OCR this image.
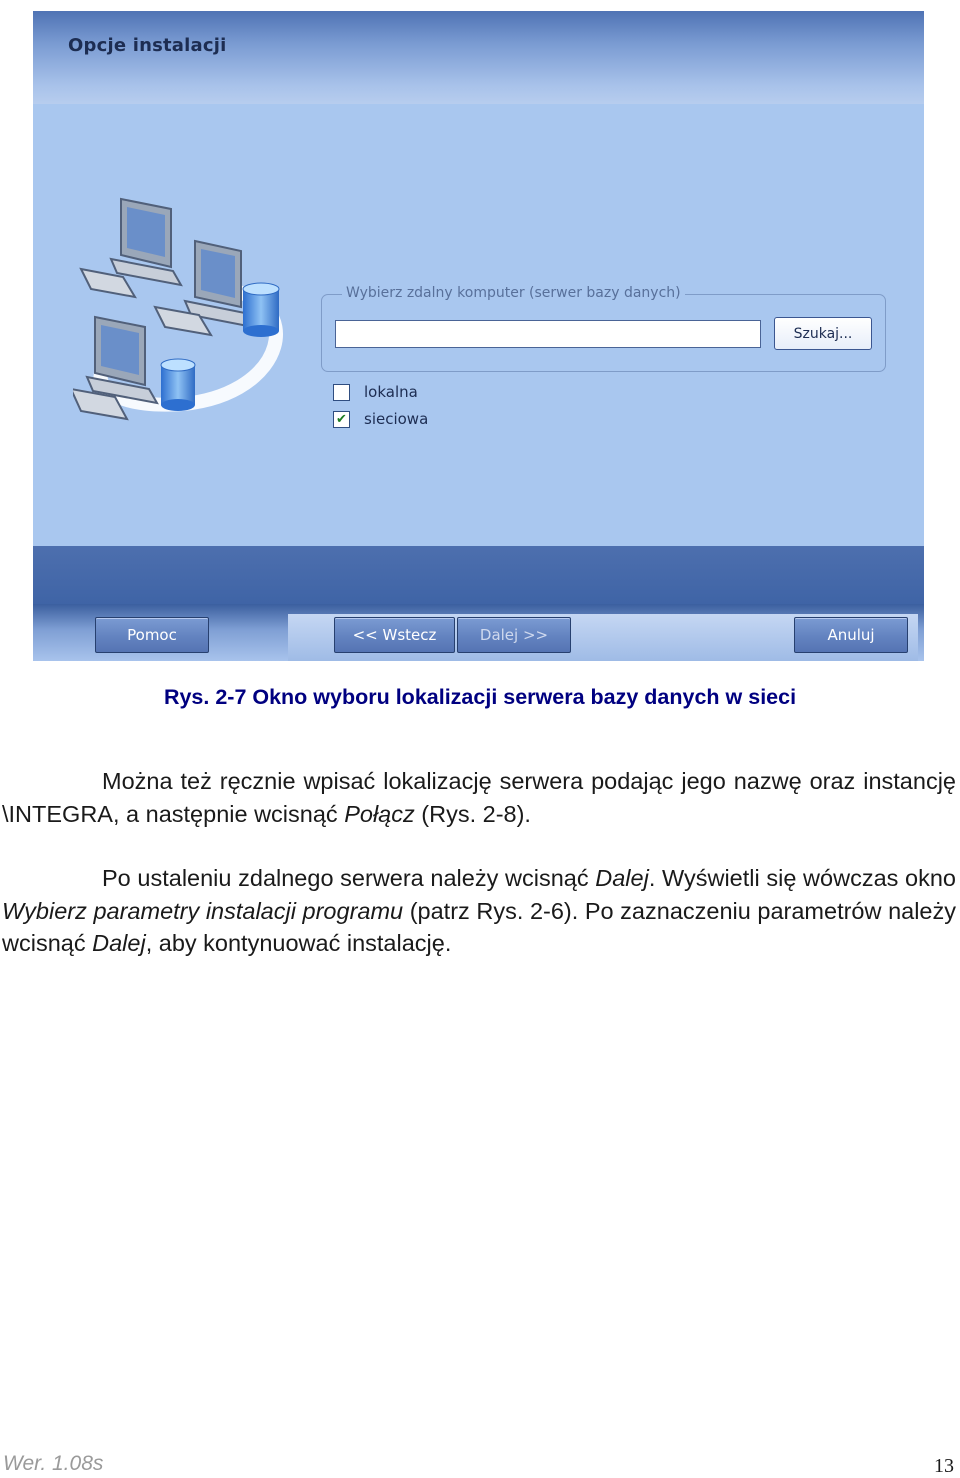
Opcje instalacji
Wybierz zdalny komputer (serwer bazy danych)
Szukaj...
lokalna
✔ sieciowa
Pomoc	<< Wstecz	Dalej >>	Anuluj
Rys. 2-7 Okno wyboru lokalizacji serwera bazy danych w sieci

Można też ręcznie wpisać lokalizację serwera podając jego nazwę oraz instancję \INTEGRA, a następnie wcisnąć Połącz (Rys. 2-8).

Po ustaleniu zdalnego serwera należy wcisnąć Dalej. Wyświetli się wówczas okno Wybierz parametry instalacji programu (patrz Rys. 2-6). Po zaznaczeniu parametrów należy wcisnąć Dalej, aby kontynuować instalację.

Wer. 1.08s	13
